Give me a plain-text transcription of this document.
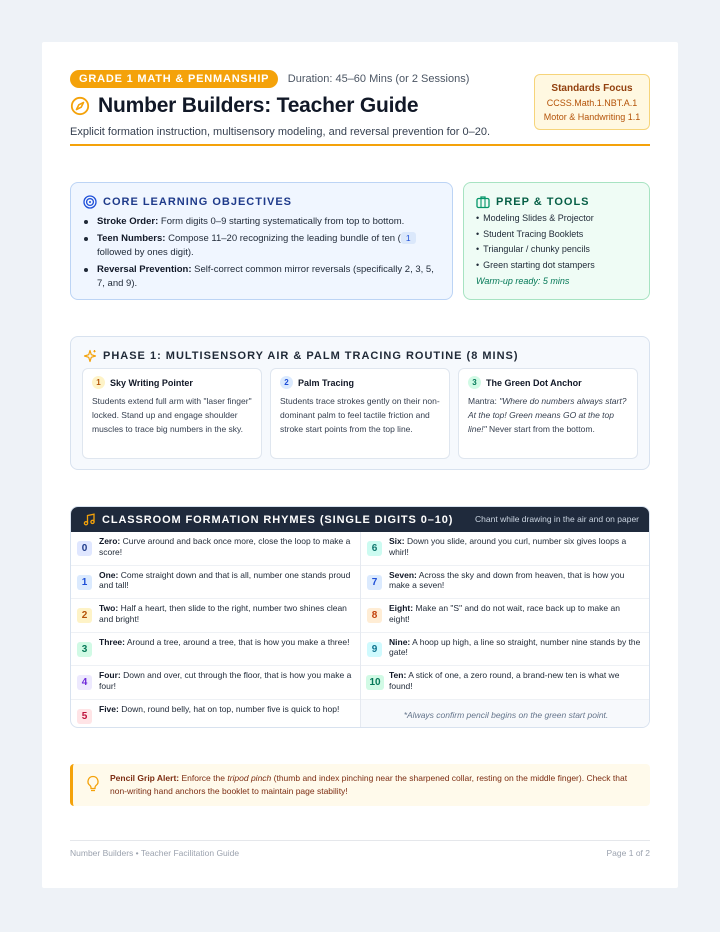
GRADE 1 MATH & PENMANSHIP Duration: 45–60 Mins (or 2 Sessions)
Number Builders: Teacher Guide
Explicit formation instruction, multisensory modeling, and reversal prevention for 0–20.
Standards Focus
CCSS.Math.1.NBT.A.1
Motor & Handwriting 1.1
CORE LEARNING OBJECTIVES
Stroke Order: Form digits 0–9 starting systematically from top to bottom.
Teen Numbers: Compose 11–20 recognizing the leading bundle of ten ( 1 followed by ones digit).
Reversal Prevention: Self-correct common mirror reversals (specifically 2, 3, 5, 7, and 9).
PREP & TOOLS
• Modeling Slides & Projector
• Student Tracing Booklets
• Triangular / chunky pencils
• Green starting dot stampers
Warm-up ready: 5 mins
PHASE 1: MULTISENSORY AIR & PALM TRACING ROUTINE (8 MINS)
1	Sky Writing Pointer
Students extend full arm with "laser finger" locked. Stand up and engage shoulder muscles to trace big numbers in the sky.
2	Palm Tracing
Students trace strokes gently on their non-dominant palm to feel tactile friction and stroke start points from the top line.
3	The Green Dot Anchor
Mantra: "Where do numbers always start? At the top! Green means GO at the top line!" Never start from the bottom.
CLASSROOM FORMATION RHYMES (SINGLE DIGITS 0–10)	Chant while drawing in the air and on paper
0
Zero: Curve around and back once more, close the loop to make a score!
1
One: Come straight down and that is all, number one stands proud and tall!
2
Two: Half a heart, then slide to the right, number two shines clean and bright!
3
Three: Around a tree, around a tree, that is how you make a three!
4
Four: Down and over, cut through the floor, that is how you make a four!
5
Five: Down, round belly, hat on top, number five is quick to hop!
6
Six: Down you slide, around you curl, number six gives loops a whirl!
7
Seven: Across the sky and down from heaven, that is how you make a seven!
8
Eight: Make an "S" and do not wait, race back up to make an eight!
9
Nine: A hoop up high, a line so straight, number nine stands by the gate!
10
Ten: A stick of one, a zero round, a brand-new ten is what we found!
*Always confirm pencil begins on the green start point.
Pencil Grip Alert: Enforce the tripod pinch (thumb and index pinching near the sharpened collar, resting on the middle finger). Check that non-writing hand anchors the booklet to maintain page stability!
Number Builders • Teacher Facilitation Guide	Page 1 of 2
